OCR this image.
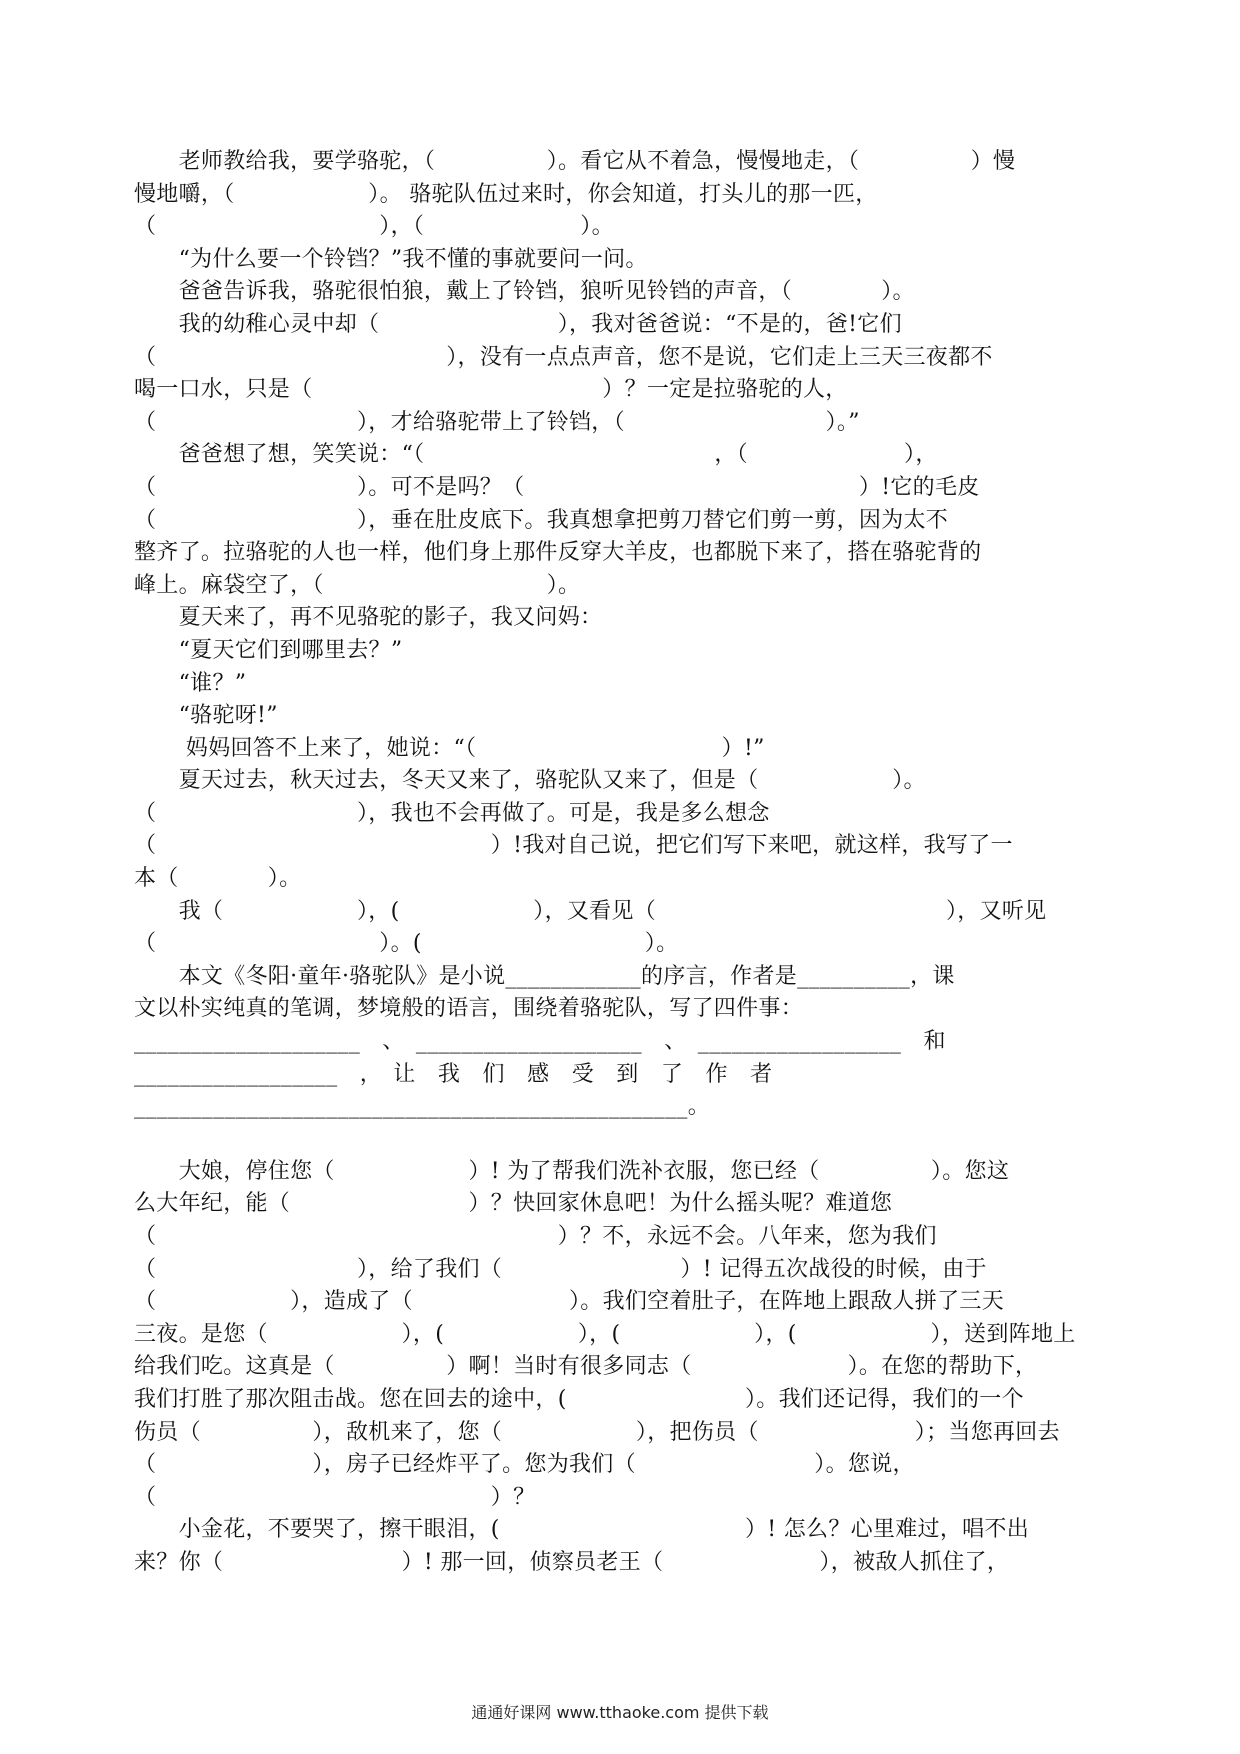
　　老师教给我，要学骆驼，（　　　　　）。看它从不着急，慢慢地走，（　　　　　）慢

慢地嚼，（　　　　　　）。 骆驼队伍过来时，你会知道，打头儿的那一匹，

（　　　　　　　　　　），（　　　　　　　）。

　　“为什么要一个铃铛？”我不懂的事就要问一问。

　　爸爸告诉我，骆驼很怕狼，戴上了铃铛，狼听见铃铛的声音，（　　　　）。

　　我的幼稚心灵中却（　　　　　　　　），我对爸爸说：“不是的，爸!它们

（　　　　　　　　　　　　　），没有一点点声音，您不是说，它们走上三天三夜都不

喝一口水，只是（　　　　　　　　　　　　　）？一定是拉骆驼的人，

（　　　　　　　　　），才给骆驼带上了铃铛，（　　　　　　　　　）。”

　　爸爸想了想，笑笑说：“（　　　　　　　　　　　　　，（　　　　　　　），

（　　　　　　　　　）。可不是吗？（　　　　　　　　　　　　　　　）!它的毛皮

（　　　　　　　　　），垂在肚皮底下。我真想拿把剪刀替它们剪一剪，因为太不

整齐了。拉骆驼的人也一样，他们身上那件反穿大羊皮，也都脱下来了，搭在骆驼背的

峰上。麻袋空了，（　　　　　　　　　　）。

　　夏天来了，再不见骆驼的影子，我又问妈：

　　“夏天它们到哪里去？”

　　“谁？”

　　“骆驼呀!”

　　 妈妈回答不上来了，她说：“（　　　　　　　　　　　）!”

　　夏天过去，秋天过去，冬天又来了，骆驼队又来了，但是（　　　　　　）。

（　　　　　　　　　），我也不会再做了。可是，我是多么想念

（　　　　　　　　　　　　　　　）!我对自己说，把它们写下来吧，就这样，我写了一

本（　　　　）。

　　我（　　　　　　），(　　　　　　），又看见（　　　　　　　　　　　　　），又听见

（　　　　　　　　　　）。(　　　　　　　　　　）。

　　本文《冬阳·童年·骆驼队》是小说____________的序言，作者是__________，课

文以朴实纯真的笔调，梦境般的语言，围绕着骆驼队，写了四件事：

____________________　、　____________________　、　__________________　和

__________________　，　让　我　们　感　受　到　了　作　者

_________________________________________________。

　　大娘，停住您（　　　　　　）! 为了帮我们洗补衣服，您已经（　　　　　）。您这

么大年纪，能（　　　　　　　　）？快回家休息吧！为什么摇头呢？难道您

（　　　　　　　　　　　　　　　　　　）？不，永远不会。八年来，您为我们

（　　　　　　　　　），给了我们（　　　　　　　　）! 记得五次战役的时候，由于

（　　　　　　），造成了（　　　　　　　）。我们空着肚子，在阵地上跟敌人拼了三天

三夜。是您（　　　　　　），(　　　　　　），(　　　　　　），(　　　　　　），送到阵地上

给我们吃。这真是（　　　　　）啊！当时有很多同志（　　　　　　　）。在您的帮助下，

我们打胜了那次阻击战。您在回去的途中，(　　　　　　　　）。我们还记得，我们的一个

伤员（　　　　　），敌机来了，您（　　　　　　），把伤员（　　　　　　　）；当您再回去

（　　　　　　　），房子已经炸平了。您为我们（　　　　　　　　）。您说，

（　　　　　　　　　　　　　　　）？

　　小金花，不要哭了，擦干眼泪，(　　　　　　　　　　　）! 怎么？心里难过，唱不出

来？你（　　　　　　　　）! 那一回，侦察员老王（　　　　　　　），被敌人抓住了，

通通好课网 www.tthaoke.com 提供下载
